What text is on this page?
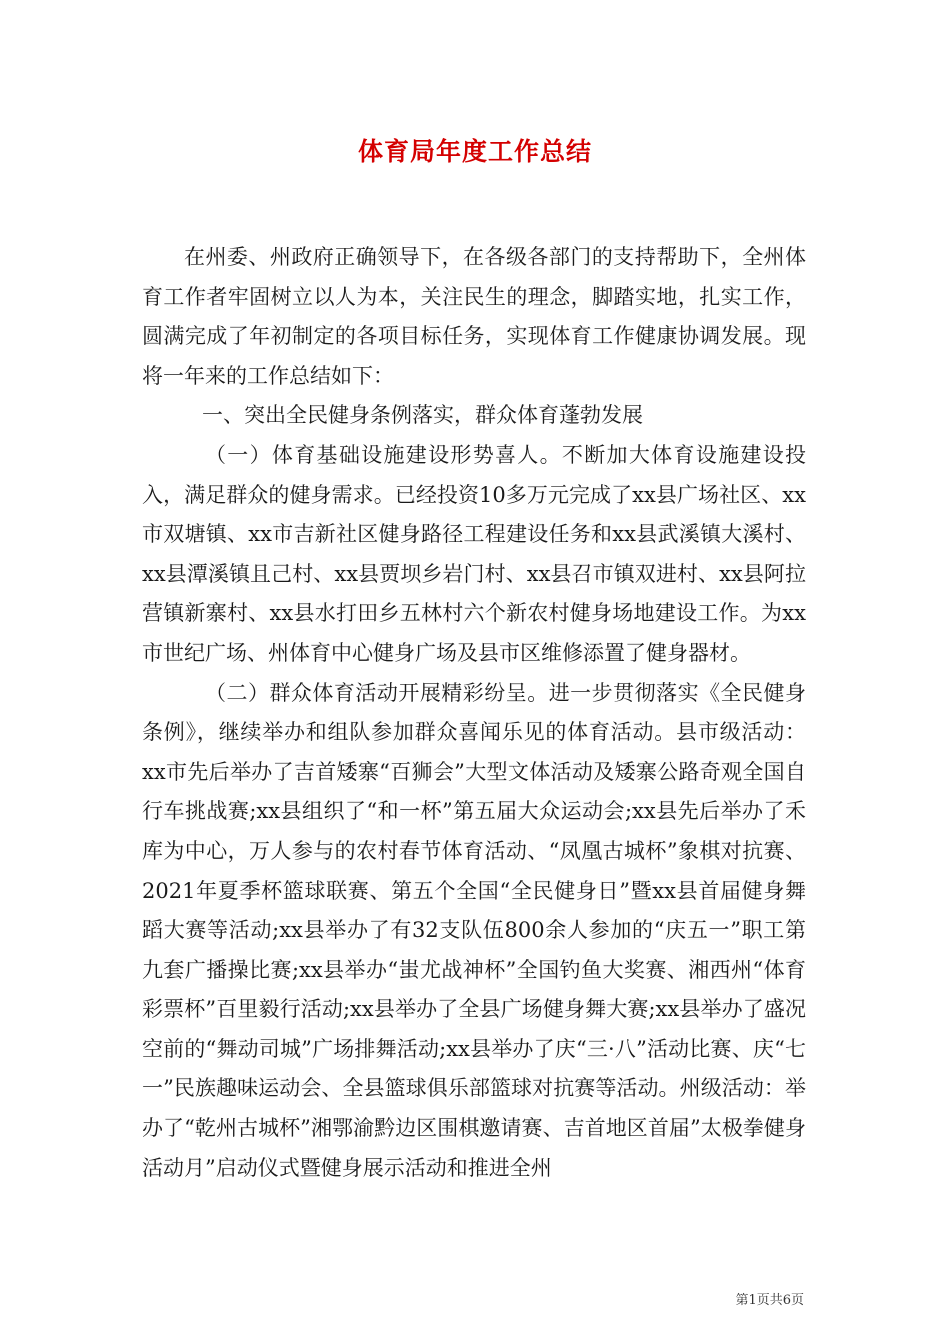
体育局年度工作总结

在州委、州政府正确领导下，在各级各部门的支持帮助下，全州体育工作者牢固树立以人为本，关注民生的理念，脚踏实地，扎实工作，圆满完成了年初制定的各项目标任务，实现体育工作健康协调发展。现将一年来的工作总结如下：

一、突出全民健身条例落实，群众体育蓬勃发展

（一）体育基础设施建设形势喜人。不断加大体育设施建设投入，满足群众的健身需求。已经投资10多万元完成了xx县广场社区、xx市双塘镇、xx市吉新社区健身路径工程建设任务和xx县武溪镇大溪村、xx县潭溪镇且己村、xx县贾坝乡岩门村、xx县召市镇双进村、xx县阿拉营镇新寨村、xx县水打田乡五林村六个新农村健身场地建设工作。为xx市世纪广场、州体育中心健身广场及县市区维修添置了健身器材。

（二）群众体育活动开展精彩纷呈。进一步贯彻落实《全民健身条例》，继续举办和组队参加群众喜闻乐见的体育活动。县市级活动：xx市先后举办了吉首矮寨“百狮会”大型文体活动及矮寨公路奇观全国自行车挑战赛;xx县组织了“和一杯”第五届大众运动会;xx县先后举办了禾库为中心，万人参与的农村春节体育活动、“凤凰古城杯”象棋对抗赛、2021年夏季杯篮球联赛、第五个全国“全民健身日”暨xx县首届健身舞蹈大赛等活动;xx县举办了有32支队伍800余人参加的“庆五一”职工第九套广播操比赛;xx县举办“蚩尤战神杯”全国钓鱼大奖赛、湘西州“体育彩票杯”百里毅行活动;xx县举办了全县广场健身舞大赛;xx县举办了盛况空前的“舞动司城”广场排舞活动;xx县举办了庆“三·八”活动比赛、庆“七一”民族趣味运动会、全县篮球俱乐部篮球对抗赛等活动。州级活动：举办了“乾州古城杯”湘鄂渝黔边区围棋邀请赛、吉首地区首届”太极拳健身活动月”启动仪式暨健身展示活动和推进全州

第1页共6页
